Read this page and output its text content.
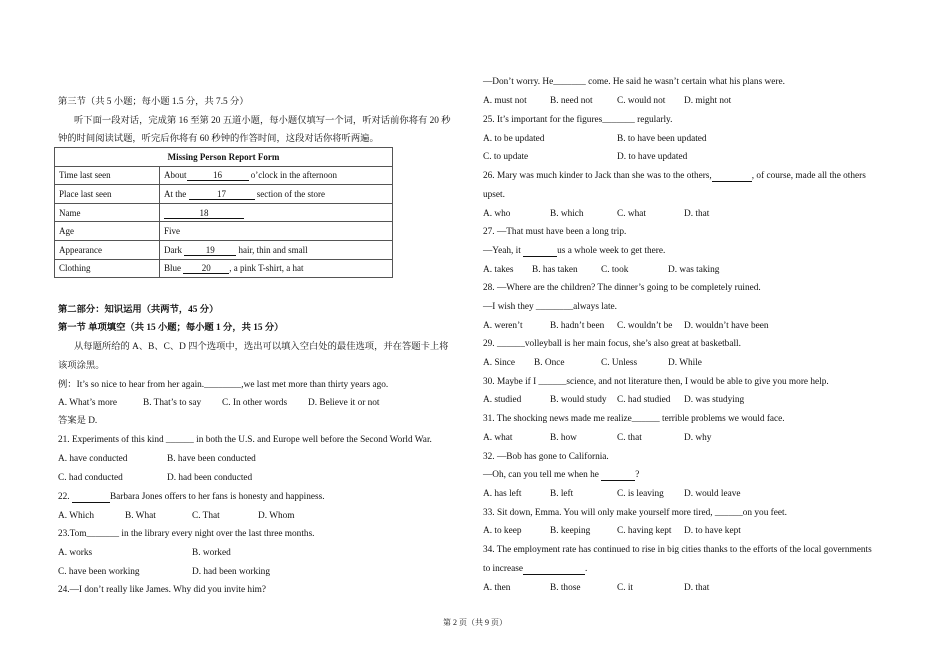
第三节（共 5 小题；每小题 1.5 分，共 7.5 分）
听下面一段对话，完成第 16 至第 20 五道小题，每小题仅填写一个词，听对话前你将有 20 秒
钟的时间阅读试题，听完后你将有 60 秒钟的作答时间，这段对话你将听两遍。
Missing Person Report Form	
Time last seen	About 16 o’clock in the afternoon
Place last seen	At the 17 section of the store
Name	18
Age	Five
Appearance	Dark 19 hair, thin and small
Clothing	Blue 20 , a pink T-shirt, a hat
第二部分：知识运用（共两节，45 分）
第一节 单项填空（共 15 小题；每小题 1 分，共 15 分）
从每题所给的 A、B、C、D 四个选项中，选出可以填入空白处的最佳选项，并在答题卡上将
该项涂黑。
例：It’s so nice to hear from her again.________,we last met more than thirty years ago.
A. What’s more	B. That’s to say C. In other words D. Believe it or not
答案是 D.
21. Experiments of this kind ______ in both the U.S. and Europe well before the Second World War.
A. have conducted	B. have been conducted
C. had conducted	D. had been conducted
22.	Barbara Jones offers to her fans is honesty and happiness.
A. Which	B. What	C. That	D. Whom
23.Tom_______ in the library every night over the last three months.
A. works	B. worked
C. have been working	D. had been working
24.—I don’t really like James. Why did you invite him?
—Don’t worry. He_______ come. He said he wasn’t certain what his plans were.
A. must not	B. need not	C. would not D. might not
25. It’s important for the figures_______ regularly.
A. to be updated	B. to have been updated
C. to update	D. to have updated
26. Mary was much kinder to Jack than she was to the others,	, of course, made all the others
upset.
A. who	B. which	C. what	D. that
27. —That must have been a long trip.
—Yeah, it	us a whole week to get there.
A. takes B. has taken	C. took	D. was taking
28. —Where are the children? The dinner’s going to be completely ruined.
—I wish they ________always late.
A. weren’t	B. hadn’t been C. wouldn’t be D. wouldn’t have been
29. ______volleyball is her main focus, she’s also great at basketball.
A. Since B. Once	C. Unless	D. While
30. Maybe if I ______science, and not literature then, I would be able to give you more help.
A. studied	B. would study C. had studied D. was studying
31. The shocking news made me realize______ terrible problems we would face.
A. what	B. how	C. that	D. why
32. —Bob has gone to California.
—Oh, can you tell me when he	?
A. has left	B. left	C. is leaving D. would leave
33. Sit down, Emma. You will only make yourself more tired, ______on you feet.
A. to keep	B. keeping	C. having kept D. to have kept
34. The employment rate has continued to rise in big cities thanks to the efforts of the local governments
to increase	.
A. then	B. those	C. it	D. that
第 2 页（共 9 页）
